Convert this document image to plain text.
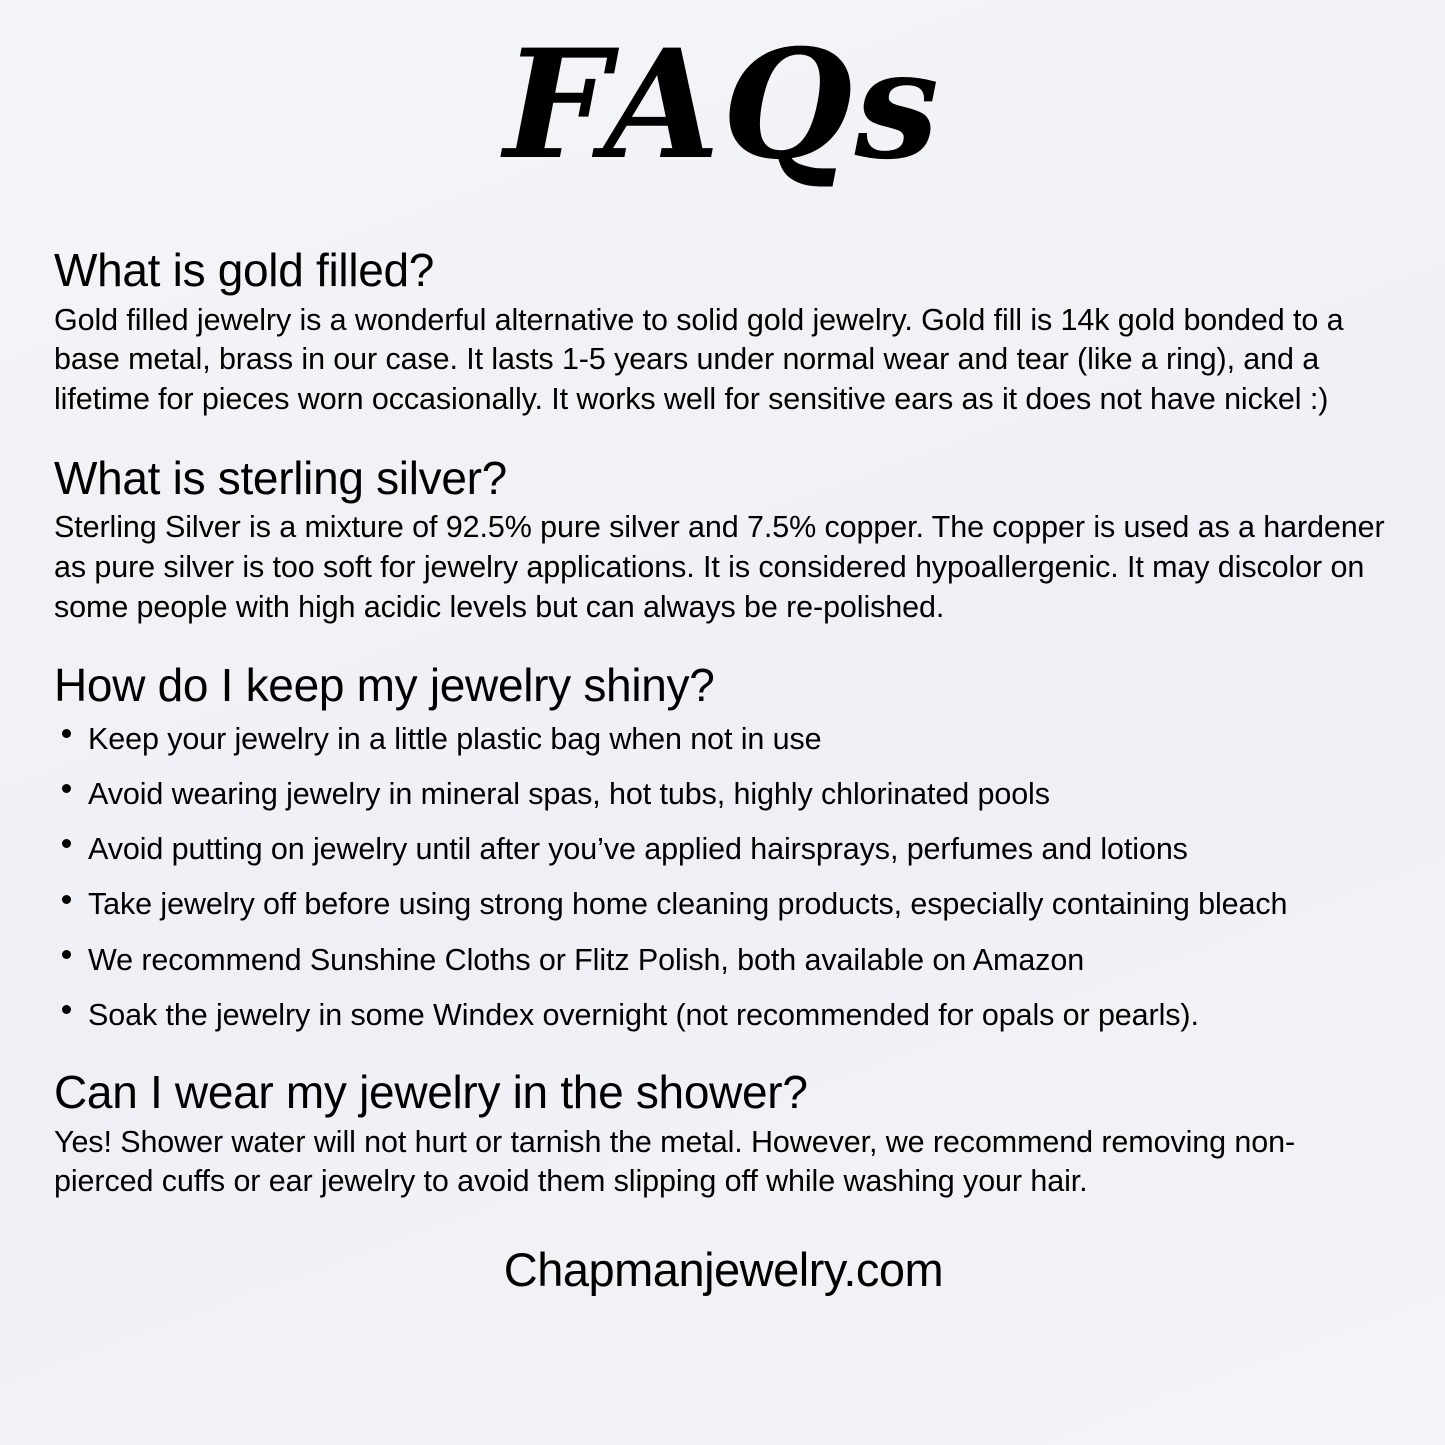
FAQs
What is gold filled?

Gold filled jewelry is a wonderful alternative to solid gold jewelry. Gold fill is 14k gold bonded to a base metal, brass in our case. It lasts 1-5 years under normal wear and tear (like a ring), and a lifetime for pieces worn occasionally. It works well for sensitive ears as it does not have nickel :)

What is sterling silver?

Sterling Silver is a mixture of 92.5% pure silver and 7.5% copper. The copper is used as a hardener as pure silver is too soft for jewelry applications. It is considered hypoallergenic. It may discolor on some people with high acidic levels but can always be re-polished.

How do I keep my jewelry shiny?
Keep your jewelry in a little plastic bag when not in use
Avoid wearing jewelry in mineral spas, hot tubs, highly chlorinated pools
Avoid putting on jewelry until after you’ve applied hairsprays, perfumes and lotions
Take jewelry off before using strong home cleaning products, especially containing bleach
We recommend Sunshine Cloths or Flitz Polish, both available on Amazon
Soak the jewelry in some Windex overnight (not recommended for opals or pearls).
Can I wear my jewelry in the shower?

Yes! Shower water will not hurt or tarnish the metal. However, we recommend removing non-pierced cuffs or ear jewelry to avoid them slipping off while washing your hair.

Chapmanjewelry.com
